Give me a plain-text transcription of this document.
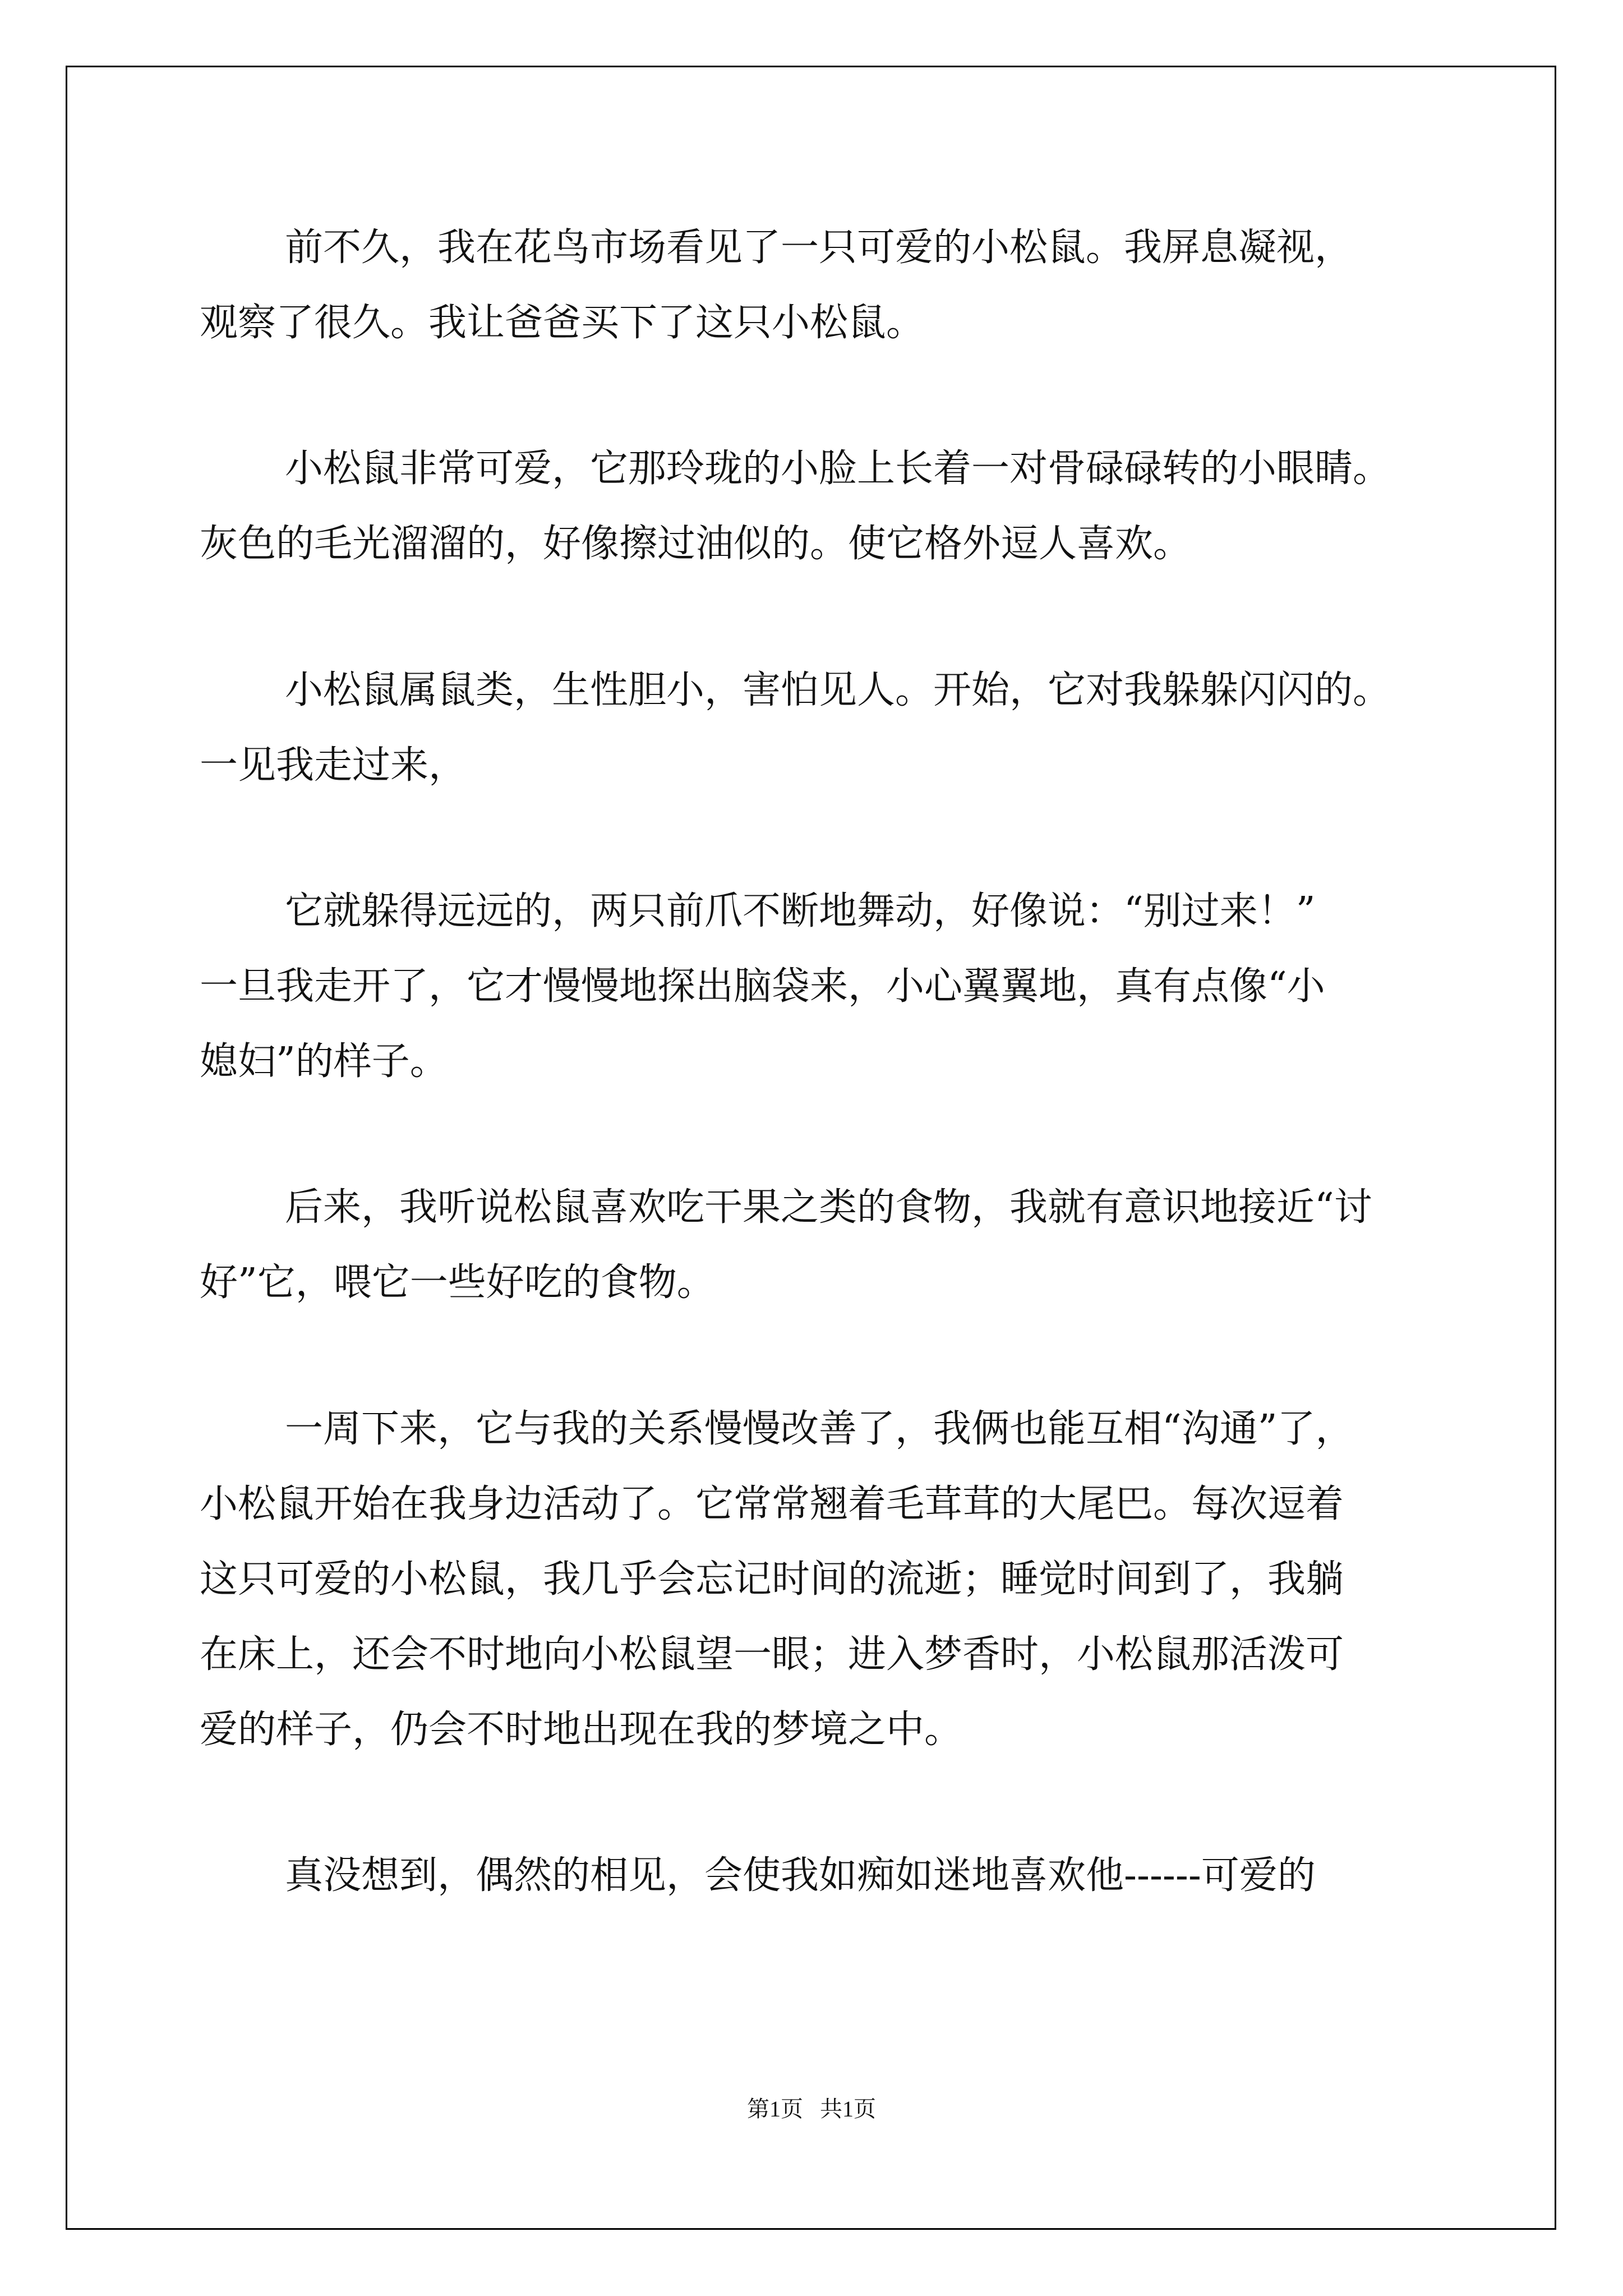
前不久，我在花鸟市场看见了一只可爱的小松鼠。我屏息凝视，

观察了很久。我让爸爸买下了这只小松鼠。

小松鼠非常可爱，它那玲珑的小脸上长着一对骨碌碌转的小眼睛。

灰色的毛光溜溜的，好像擦过油似的。使它格外逗人喜欢。

小松鼠属鼠类，生性胆小，害怕见人。开始，它对我躲躲闪闪的。

一见我走过来，

它就躲得远远的，两只前爪不断地舞动，好像说：“别过来！”

一旦我走开了，它才慢慢地探出脑袋来，小心翼翼地，真有点像“小

媳妇”的样子。

后来，我听说松鼠喜欢吃干果之类的食物，我就有意识地接近“讨

好”它，喂它一些好吃的食物。

一周下来，它与我的关系慢慢改善了，我俩也能互相“沟通”了，

小松鼠开始在我身边活动了。它常常翘着毛茸茸的大尾巴。每次逗着

这只可爱的小松鼠，我几乎会忘记时间的流逝；睡觉时间到了，我躺

在床上，还会不时地向小松鼠望一眼；进入梦香时，小松鼠那活泼可

爱的样子，仍会不时地出现在我的梦境之中。

真没想到，偶然的相见，会使我如痴如迷地喜欢他------可爱的

第1页   共1页
